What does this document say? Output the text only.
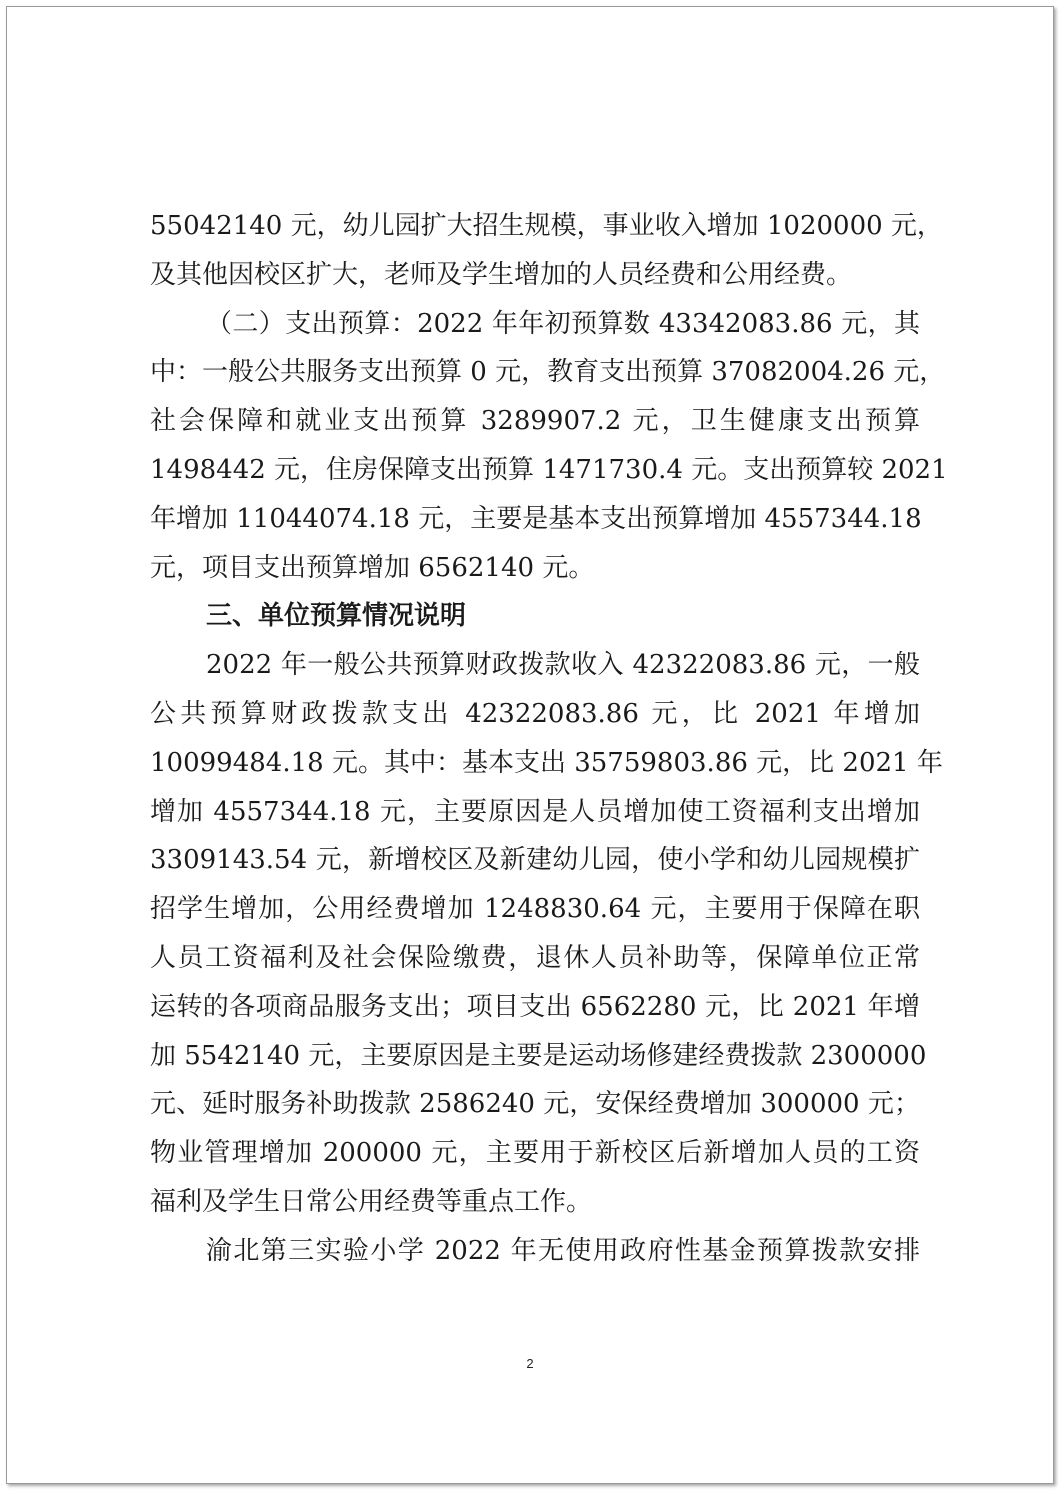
55042140 元，幼儿园扩大招生规模，事业收入增加 1020000 元，
及其他因校区扩大，老师及学生增加的人员经费和公用经费。
（二）支出预算：2022 年年初预算数 43342083.86 元，其
中：一般公共服务支出预算 0 元，教育支出预算 37082004.26 元，
社会保障和就业支出预算 3289907.2 元，卫生健康支出预算
1498442 元，住房保障支出预算 1471730.4 元。支出预算较 2021
年增加 11044074.18 元，主要是基本支出预算增加 4557344.18
元，项目支出预算增加 6562140 元。
三、单位预算情况说明
2022 年一般公共预算财政拨款收入 42322083.86 元，一般
公共预算财政拨款支出 42322083.86 元，比 2021 年增加
10099484.18 元。其中：基本支出 35759803.86 元，比 2021 年
增加 4557344.18 元，主要原因是人员增加使工资福利支出增加
3309143.54 元，新增校区及新建幼儿园，使小学和幼儿园规模扩
招学生增加，公用经费增加 1248830.64 元，主要用于保障在职
人员工资福利及社会保险缴费，退休人员补助等，保障单位正常
运转的各项商品服务支出；项目支出 6562280 元，比 2021 年增
加 5542140 元，主要原因是主要是运动场修建经费拨款 2300000
元、延时服务补助拨款 2586240 元，安保经费增加 300000 元；
物业管理增加 200000 元，主要用于新校区后新增加人员的工资
福利及学生日常公用经费等重点工作。
渝北第三实验小学 2022 年无使用政府性基金预算拨款安排
2
